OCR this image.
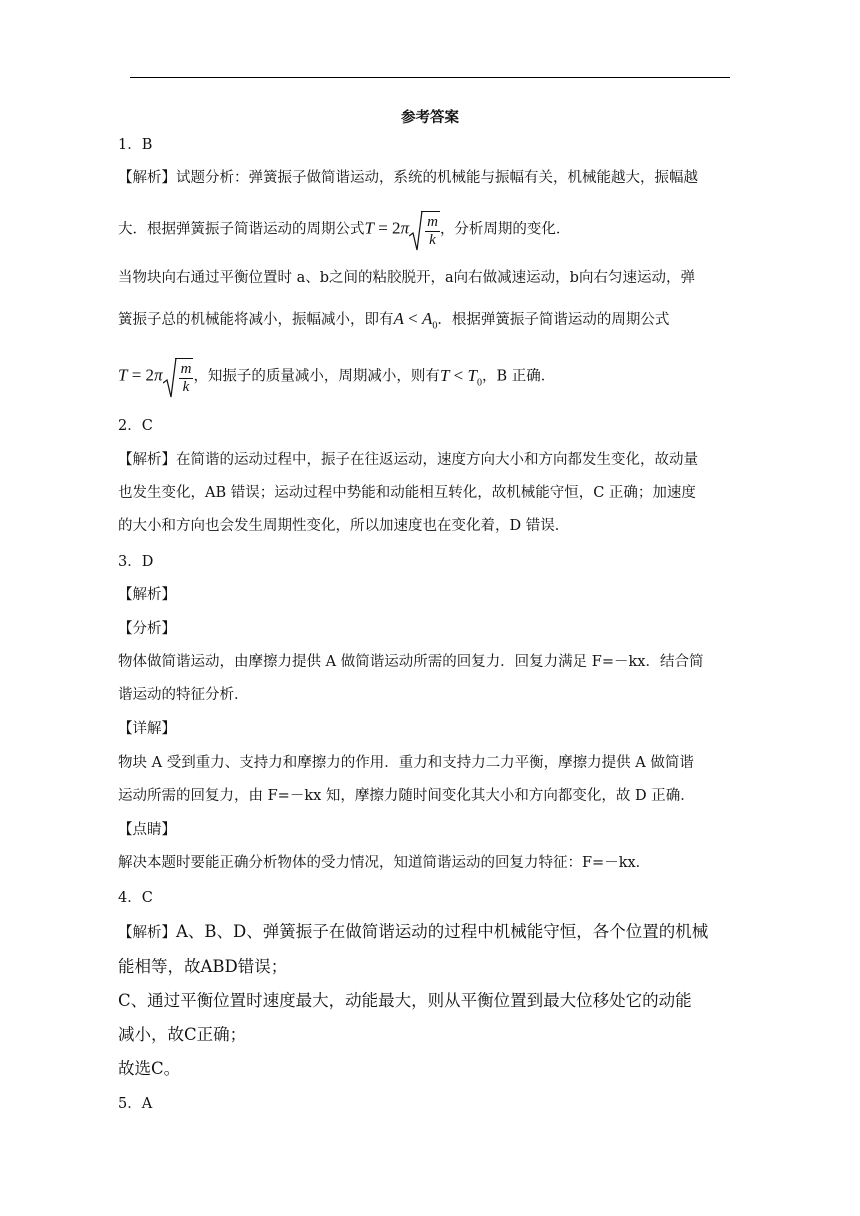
参考答案
1．B
【解析】试题分析：弹簧振子做简谐运动，系统的机械能与振幅有关，机械能越大，振幅越
大．根据弹簧振子简谐运动的周期公式$T = 2\pi \frac{m}{k}$ ，分析周期的变化．
当物块向右通过平衡位置时 a、b之间的粘胶脱开，a向右做减速运动，b向右匀速运动，弹
簧振子总的机械能将减小，振幅减小，即有$A < A_0$．根据弹簧振子简谐运动的周期公式
$T = 2\pi \frac{m}{k}$ ，知振子的质量减小，周期减小，则有$T < T_0$，B 正确．
2．C
【解析】在简谐的运动过程中，振子在往返运动，速度方向大小和方向都发生变化，故动量
也发生变化，AB 错误；运动过程中势能和动能相互转化，故机械能守恒，C 正确；加速度
的大小和方向也会发生周期性变化，所以加速度也在变化着，D 错误．
3．D
【解析】
【分析】
物体做简谐运动，由摩擦力提供 A 做简谐运动所需的回复力．回复力满足 F=－kx．结合简
谐运动的特征分析．
【详解】
物块 A 受到重力、支持力和摩擦力的作用．重力和支持力二力平衡，摩擦力提供 A 做简谐
运动所需的回复力，由 F=－kx 知，摩擦力随时间变化其大小和方向都变化，故 D 正确．
【点睛】
解决本题时要能正确分析物体的受力情况，知道简谐运动的回复力特征：F=－kx．
4．C
【解析】A、B、D、弹簧振子在做简谐运动的过程中机械能守恒，各个位置的机械
能相等，故ABD错误；
C、通过平衡位置时速度最大，动能最大，则从平衡位置到最大位移处它的动能
减小，故C正确；
故选C。
5．A
